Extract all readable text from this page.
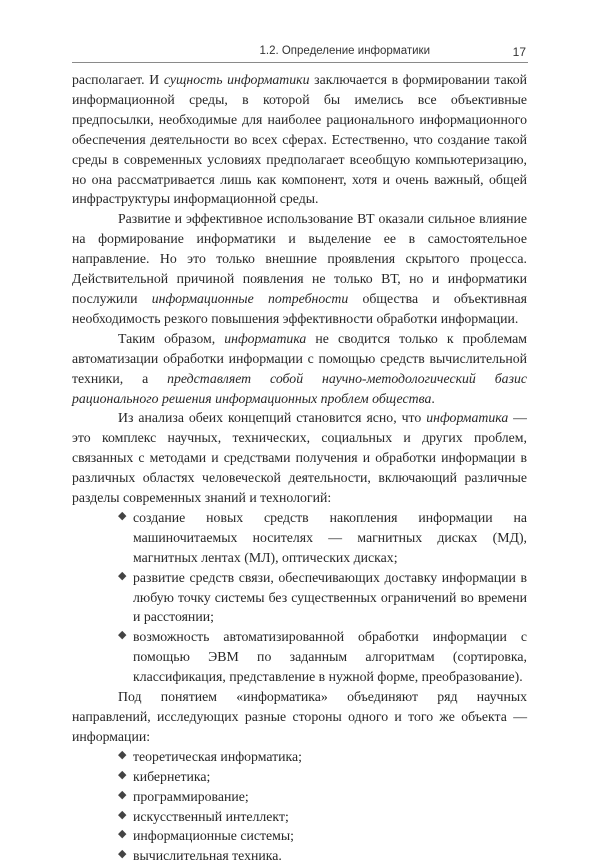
1.2. Определение информатики	17

располагает. И сущность информатики заключается в формировании такой информационной среды, в которой бы имелись все объективные предпосылки, необходимые для наиболее рационального информационного обеспечения деятельности во всех сферах. Естественно, что создание такой среды в современных условиях предполагает всеобщую компьютеризацию, но она рассматривается лишь как компонент, хотя и очень важный, общей инфраструктуры информационной среды.

Развитие и эффективное использование ВТ оказали сильное влияние на формирование информатики и выделение ее в самостоятельное направление. Но это только внешние проявления скрытого процесса. Действительной причиной появления не только ВТ, но и информатики послужили информационные потребности общества и объективная необходимость резкого повышения эффективности обработки информации.

Таким образом, информатика не сводится только к проблемам автоматизации обработки информации с помощью средств вычислительной техники, а представляет собой научно-методологический базис рационального решения информационных проблем общества.

Из анализа обеих концепций становится ясно, что информатика — это комплекс научных, технических, социальных и других проблем, связанных с методами и средствами получения и обработки информации в различных областях человеческой деятельности, включающий различные разделы современных знаний и технологий:

◆ создание новых средств накопления информации на машиночитаемых носителях — магнитных дисках (МД), магнитных лентах (МЛ), оптических дисках;
◆ развитие средств связи, обеспечивающих доставку информации в любую точку системы без существенных ограничений во времени и расстоянии;
◆ возможность автоматизированной обработки информации с помощью ЭВМ по заданным алгоритмам (сортировка, классификация, представление в нужной форме, преобразование).

Под понятием «информатика» объединяют ряд научных направлений, исследующих разные стороны одного и того же объекта — информации:

◆ теоретическая информатика;
◆ кибернетика;
◆ программирование;
◆ искусственный интеллект;
◆ информационные системы;
◆ вычислительная техника.
